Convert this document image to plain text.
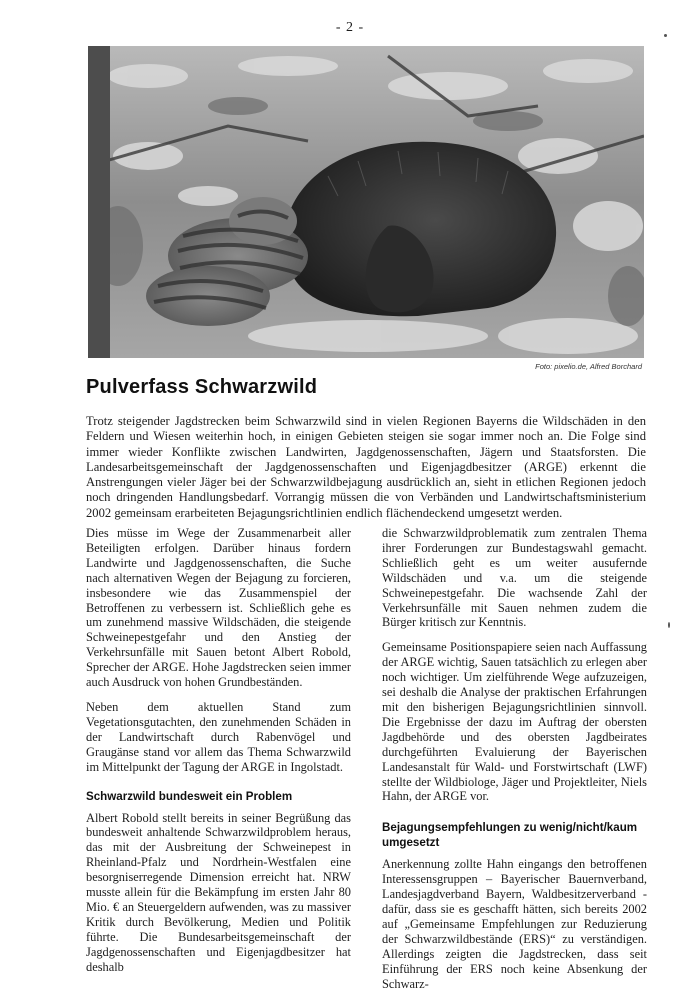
- 2 -
Foto: pixelio.de, Alfred Borchard
Pulverfass Schwarzwild

Trotz steigender Jagdstrecken beim Schwarzwild sind in vielen Regionen Bayerns die Wildschäden in den Feldern und Wiesen weiterhin hoch, in einigen Gebieten steigen sie sogar immer noch an. Die Folge sind immer wieder Konflikte zwischen Landwirten, Jagdgenossenschaften, Jägern und Staatsforsten. Die Landesarbeitsgemeinschaft der Jagdgenossenschaften und Eigenjagdbesitzer (ARGE) erkennt die Anstrengungen vieler Jäger bei der Schwarzwildbejagung ausdrücklich an, sieht in etlichen Regionen jedoch noch dringenden Handlungsbedarf. Vorrangig müssen die von Verbänden und Landwirtschaftsministerium 2002 gemeinsam erarbeiteten Bejagungsrichtlinien endlich flächendeckend umgesetzt werden.

Dies müsse im Wege der Zusammenarbeit aller Beteiligten erfolgen. Darüber hinaus fordern Landwirte und Jagdgenossenschaften, die Suche nach alternativen Wegen der Bejagung zu forcieren, insbesondere wie das Zusammenspiel der Betroffenen zu verbessern ist. Schließlich gehe es um zunehmend massive Wildschäden, die steigende Schweinepestgefahr und den Anstieg der Verkehrsunfälle mit Sauen betont Albert Robold, Sprecher der ARGE. Hohe Jagdstrecken seien immer auch Ausdruck von hohen Grundbeständen.

Neben dem aktuellen Stand zum Vegetationsgutachten, den zunehmenden Schäden in der Landwirtschaft durch Rabenvögel und Graugänse stand vor allem das Thema Schwarzwild im Mittelpunkt der Tagung der ARGE in Ingolstadt.

Schwarzwild bundesweit ein Problem

Albert Robold stellt bereits in seiner Begrüßung das bundesweit anhaltende Schwarzwildproblem heraus, das mit der Ausbreitung der Schweinepest in Rheinland-Pfalz und Nordrhein-Westfalen eine besorgniserregende Dimension erreicht hat. NRW musste allein für die Bekämpfung im ersten Jahr 80 Mio. € an Steuergeldern aufwenden, was zu massiver Kritik durch Bevölkerung, Medien und Politik führte. Die Bundesarbeitsgemeinschaft der Jagdgenossenschaften und Eigenjagdbesitzer hat deshalb

die Schwarzwildproblematik zum zentralen Thema ihrer Forderungen zur Bundestagswahl gemacht. Schließlich geht es um weiter ausufernde Wildschäden und v.a. um die steigende Schweinepestgefahr. Die wachsende Zahl der Verkehrsunfälle mit Sauen nehmen zudem die Bürger kritisch zur Kenntnis.

Gemeinsame Positionspapiere seien nach Auffassung der ARGE wichtig, Sauen tatsächlich zu erlegen aber noch wichtiger. Um zielführende Wege aufzuzeigen, sei deshalb die Analyse der praktischen Erfahrungen mit den bisherigen Bejagungsrichtlinien sinnvoll. Die Ergebnisse der dazu im Auftrag der obersten Jagdbehörde und des obersten Jagdbeirates durchgeführten Evaluierung der Bayerischen Landesanstalt für Wald- und Forstwirtschaft (LWF) stellte der Wildbiologe, Jäger und Projektleiter, Niels Hahn, der ARGE vor.

Bejagungsempfehlungen zu wenig/nicht/kaum umgesetzt

Anerkennung zollte Hahn eingangs den betroffenen Interessensgruppen – Bayerischer Bauernverband, Landesjagdverband Bayern, Waldbesitzerverband - dafür, dass sie es geschafft hätten, sich bereits 2002 auf „Gemeinsame Empfehlungen zur Reduzierung der Schwarzwildbestände (ERS)“ zu verständigen. Allerdings zeigten die Jagdstrecken, dass seit Einführung der ERS noch keine Absenkung der Schwarz-
